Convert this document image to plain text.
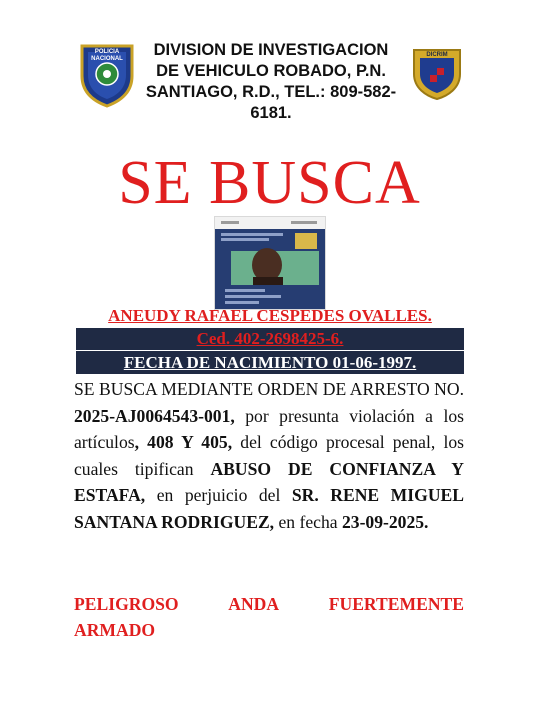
POLICIA
NACIONAL	DIVISION DE INVESTIGACION
DE VEHICULO ROBADO, P.N.
SANTIAGO, R.D., TEL.: 809-582-
6181.
DICRIM
SE BUSCA
ANEUDY RAFAEL CESPEDES OVALLES.
Ced. 402-2698425-6.
FECHA DE NACIMIENTO 01-06-1997.
SE BUSCA MEDIANTE ORDEN DE ARRESTO NO. 2025-AJ0064543-001, por presunta violación a los artículos, 408 Y 405, del código procesal penal, los cuales tipifican ABUSO DE CONFIANZA Y ESTAFA, en perjuicio del SR. RENE MIGUEL SANTANA RODRIGUEZ, en fecha 23-09-2025.
PELIGROSO ANDA FUERTEMENTE
ARMADO
